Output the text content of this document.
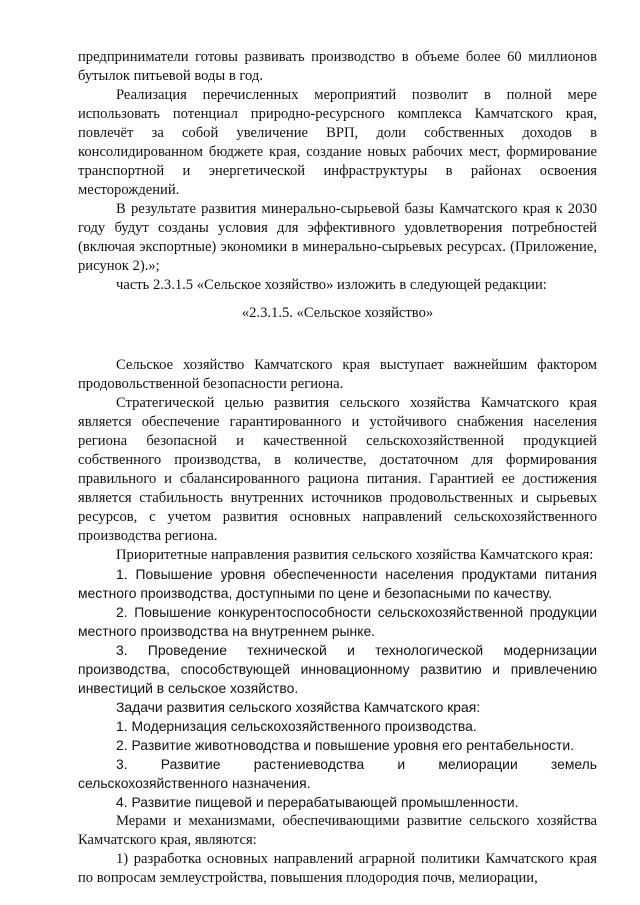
предприниматели готовы развивать производство в объеме более 60 миллионов бутылок питьевой воды в год.

Реализация перечисленных мероприятий позволит в полной мере использовать потенциал природно-ресурсного комплекса Камчатского края, повлечёт за собой увеличение ВРП, доли собственных доходов в консолидированном бюджете края, создание новых рабочих мест, формирование транспортной и энергетической инфраструктуры в районах освоения месторождений.

В результате развития минерально-сырьевой базы Камчатского края к 2030 году будут созданы условия для эффективного удовлетворения потребностей (включая экспортные) экономики в минерально-сырьевых ресурсах. (Приложение, рисунок 2).»;

часть 2.3.1.5 «Сельское хозяйство» изложить в следующей редакции:

«2.3.1.5. «Сельское хозяйство»

Сельское хозяйство Камчатского края выступает важнейшим фактором продовольственной безопасности региона.

Стратегической целью развития сельского хозяйства Камчатского края является обеспечение гарантированного и устойчивого снабжения населения региона безопасной и качественной сельскохозяйственной продукцией собственного производства, в количестве, достаточном для формирования правильного и сбалансированного рациона питания. Гарантией ее достижения является стабильность внутренних источников продовольственных и сырьевых ресурсов, с учетом развития основных направлений сельскохозяйственного производства региона.

Приоритетные направления развития сельского хозяйства Камчатского края:

1. Повышение уровня обеспеченности населения продуктами питания местного производства, доступными по цене и безопасными по качеству.

2. Повышение конкурентоспособности сельскохозяйственной продукции местного производства на внутреннем рынке.

3. Проведение технической и технологической модернизации производства, способствующей инновационному развитию и привлечению инвестиций в сельское хозяйство.

Задачи развития сельского хозяйства Камчатского края:

1. Модернизация сельскохозяйственного производства.

2. Развитие животноводства и повышение уровня его рентабельности.

3. Развитие растениеводства и мелиорации земель сельскохозяйственного назначения.

4. Развитие пищевой и перерабатывающей промышленности.

Мерами и механизмами, обеспечивающими развитие сельского хозяйства Камчатского края, являются:

1) разработка основных направлений аграрной политики Камчатского края по вопросам землеустройства, повышения плодородия почв, мелиорации,
